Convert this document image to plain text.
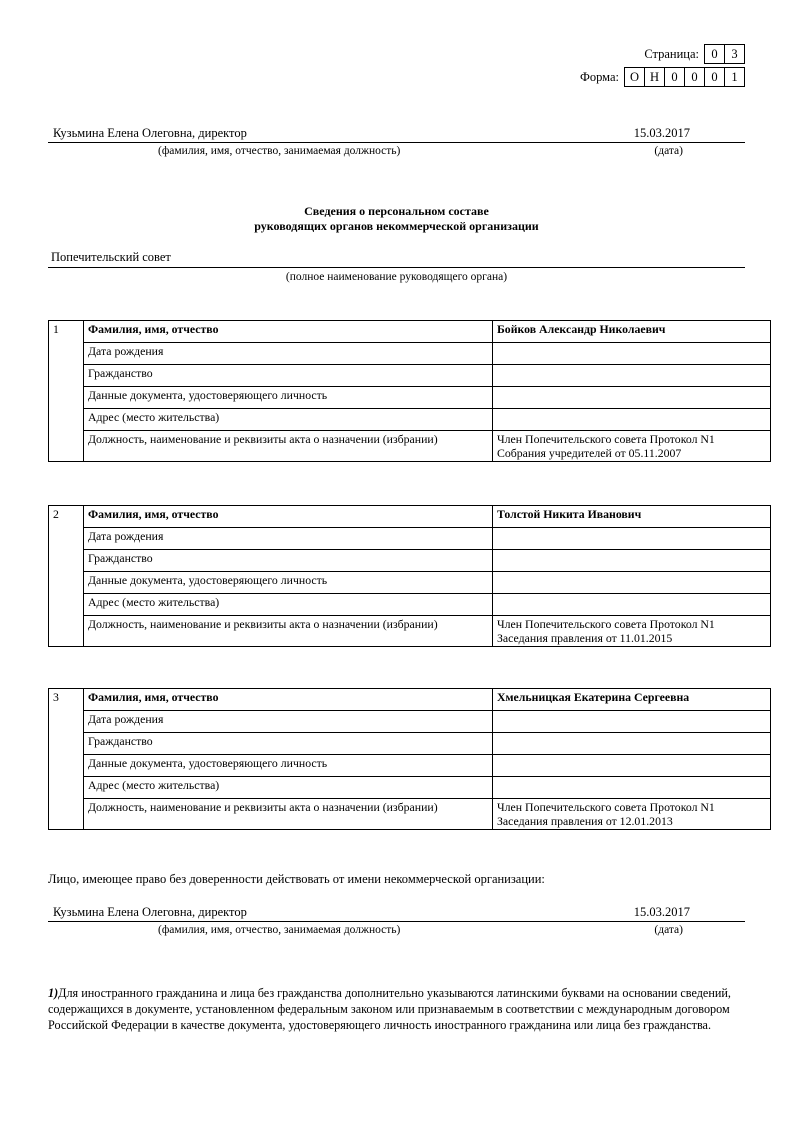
Страница: 0	3
Форма: О Н 0	0	0	1
Кузьмина Елена Олеговна, директор	15.03.2017
(фамилия, имя, отчество, занимаемая должность)	(дата)
Сведения о персональном составе
руководящих органов некоммерческой организации
Попечительский совет
(полное наименование руководящего органа)
1	Фамилия, имя, отчество	Бойков Александр Николаевич
	Дата рождения	
	Гражданство	
	Данные документа, удостоверяющего личность	
	Адрес (место жительства)	
	Должность, наименование и реквизиты акта о назначении (избрании)	Член Попечительского совета Протокол N1 Собрания учредителей от 05.11.2007
2	Фамилия, имя, отчество	Толстой Никита Иванович
	Дата рождения	
	Гражданство	
	Данные документа, удостоверяющего личность	
	Адрес (место жительства)	
	Должность, наименование и реквизиты акта о назначении (избрании)	Член Попечительского совета Протокол N1 Заседания правления от 11.01.2015
3	Фамилия, имя, отчество	Хмельницкая Екатерина Сергеевна
	Дата рождения	
	Гражданство	
	Данные документа, удостоверяющего личность	
	Адрес (место жительства)	
	Должность, наименование и реквизиты акта о назначении (избрании)	Член Попечительского совета Протокол N1 Заседания правления от 12.01.2013
Лицо, имеющее право без доверенности действовать от имени некоммерческой организации:
Кузьмина Елена Олеговна, директор	15.03.2017
(фамилия, имя, отчество, занимаемая должность)	(дата)
1)Для иностранного гражданина и лица без гражданства дополнительно указываются латинскими буквами на основании сведений, содержащихся в документе, установленном федеральным законом или признаваемым в соответствии с международным договором Российской Федерации в качестве документа, удостоверяющего личность иностранного гражданина или лица без гражданства.
